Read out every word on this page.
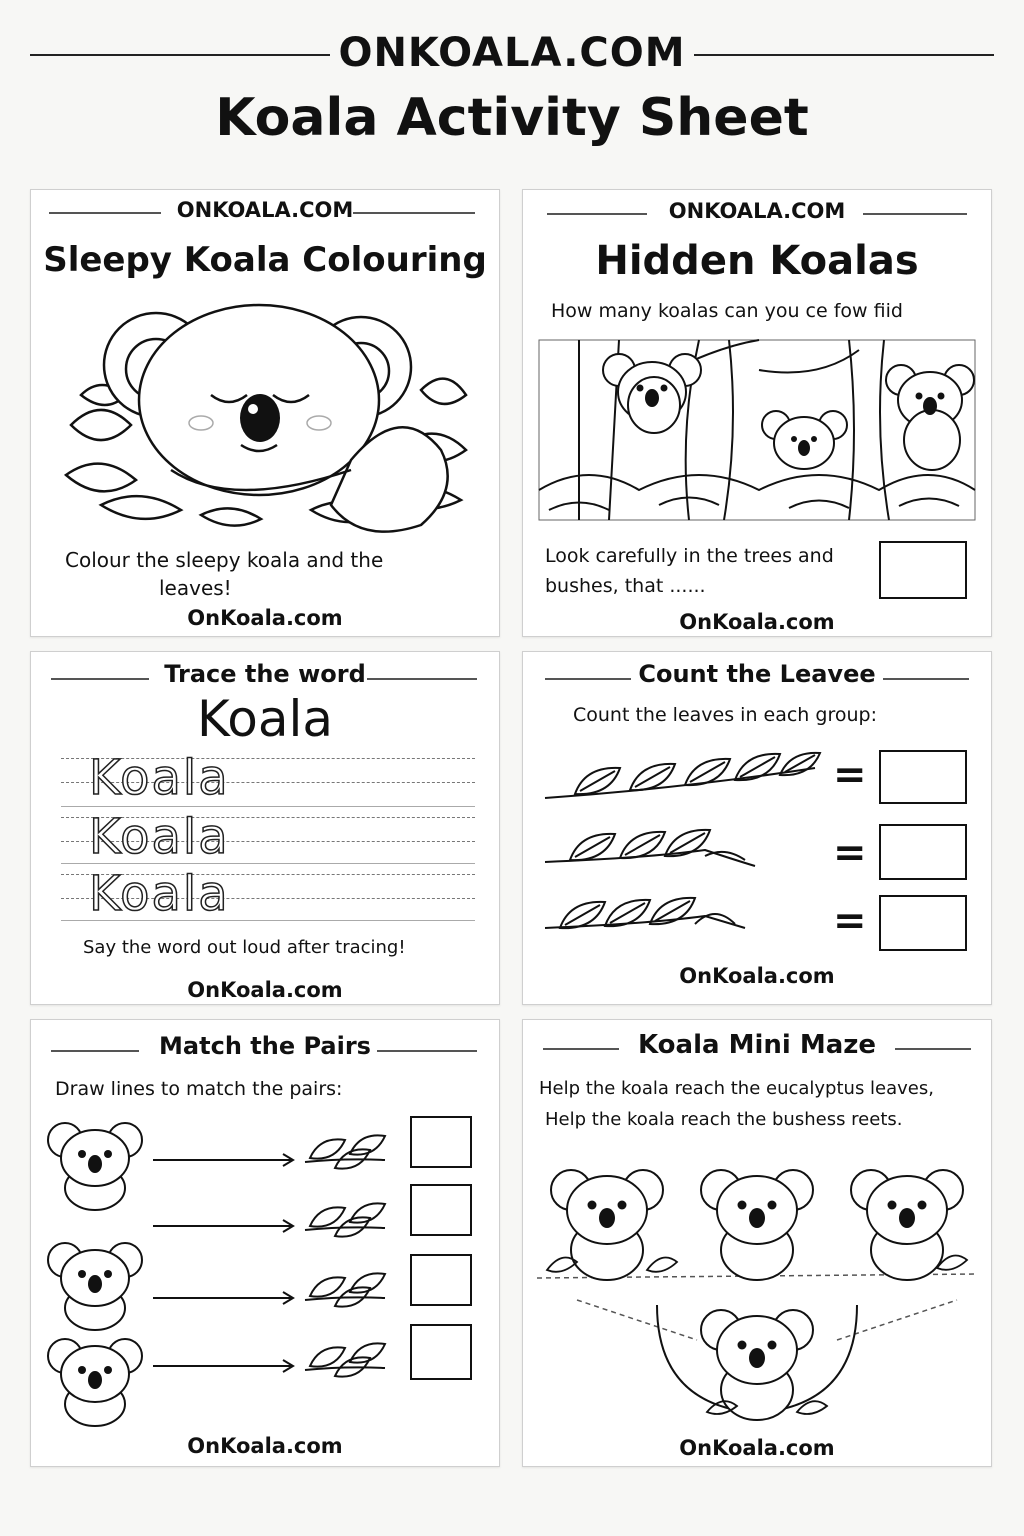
ONKOALA.COM
Koala Activity Sheet
ONKOALA.COM
Sleepy Koala Colouring
Colour the sleepy koala and the
leaves!
OnKoala.com
ONKOALA.COM
Hidden Koalas
How many koalas can you ce fow fiid
Look carefully in the trees and
bushes, that ......
OnKoala.com
Trace the word
Koala
Koala
Koala
Koala
Say the word out loud after tracing!
OnKoala.com
Count the Leavee
Count the leaves in each group:
=
=
=
OnKoala.com
Match the Pairs
Draw lines to match the pairs:
OnKoala.com
Koala Mini Maze
Help the koala reach the eucalyptus leaves,
Help the koala reach the bushess reets.
OnKoala.com
